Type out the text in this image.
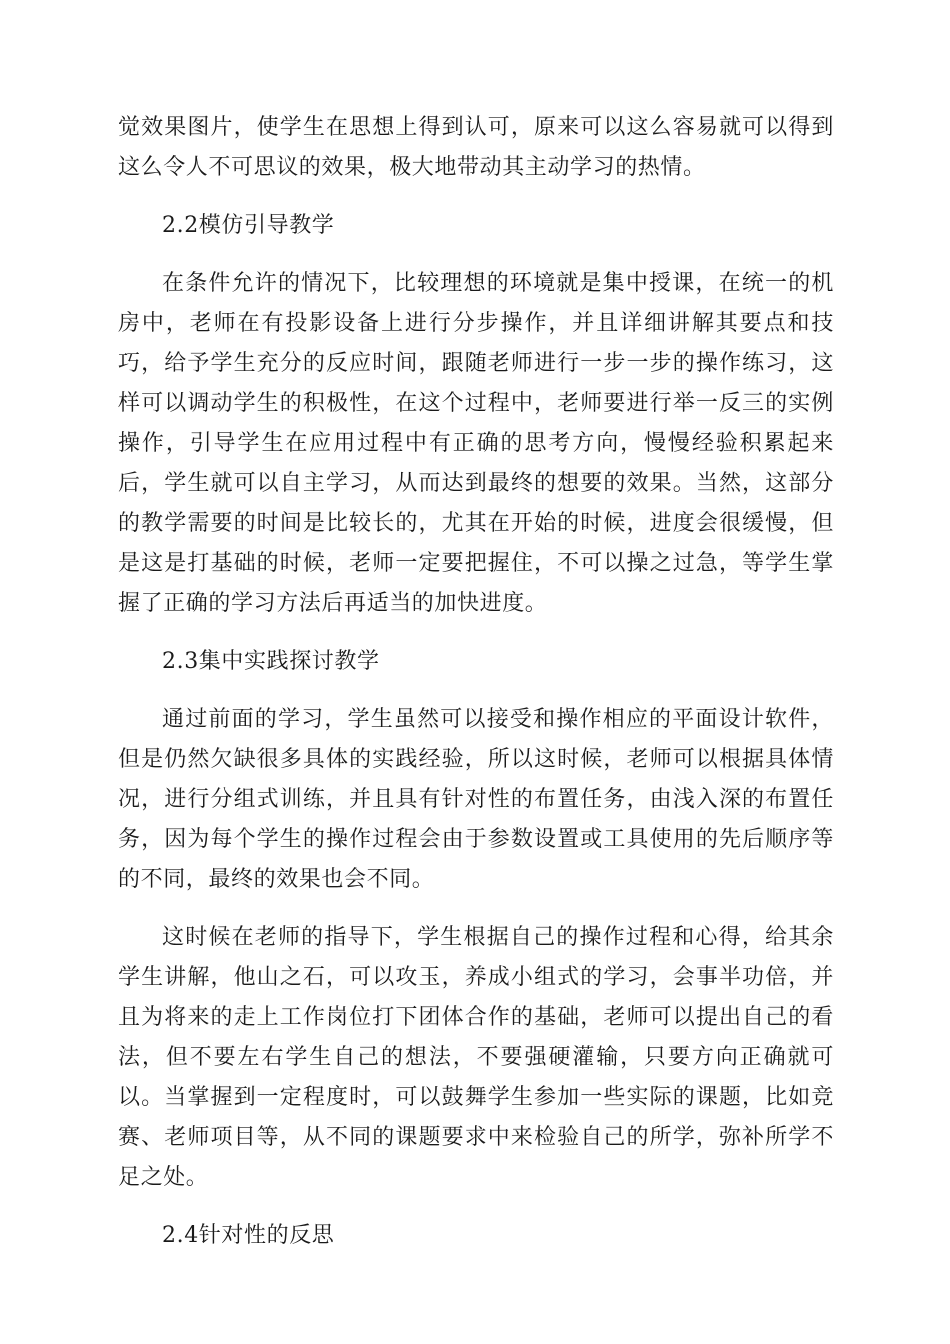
觉效果图片，使学生在思想上得到认可，原来可以这么容易就可以得到这么令人不可思议的效果，极大地带动其主动学习的热情。

2.2模仿引导教学

在条件允许的情况下，比较理想的环境就是集中授课，在统一的机房中，老师在有投影设备上进行分步操作，并且详细讲解其要点和技巧，给予学生充分的反应时间，跟随老师进行一步一步的操作练习，这样可以调动学生的积极性，在这个过程中，老师要进行举一反三的实例操作，引导学生在应用过程中有正确的思考方向，慢慢经验积累起来后，学生就可以自主学习，从而达到最终的想要的效果。当然，这部分的教学需要的时间是比较长的，尤其在开始的时候，进度会很缓慢，但是这是打基础的时候，老师一定要把握住，不可以操之过急，等学生掌握了正确的学习方法后再适当的加快进度。

2.3集中实践探讨教学

通过前面的学习，学生虽然可以接受和操作相应的平面设计软件，但是仍然欠缺很多具体的实践经验，所以这时候，老师可以根据具体情况，进行分组式训练，并且具有针对性的布置任务，由浅入深的布置任务，因为每个学生的操作过程会由于参数设置或工具使用的先后顺序等的不同，最终的效果也会不同。

这时候在老师的指导下，学生根据自己的操作过程和心得，给其余学生讲解，他山之石，可以攻玉，养成小组式的学习，会事半功倍，并且为将来的走上工作岗位打下团体合作的基础，老师可以提出自己的看法，但不要左右学生自己的想法，不要强硬灌输，只要方向正确就可以。当掌握到一定程度时，可以鼓舞学生参加一些实际的课题，比如竞赛、老师项目等，从不同的课题要求中来检验自己的所学，弥补所学不足之处。

2.4针对性的反思
